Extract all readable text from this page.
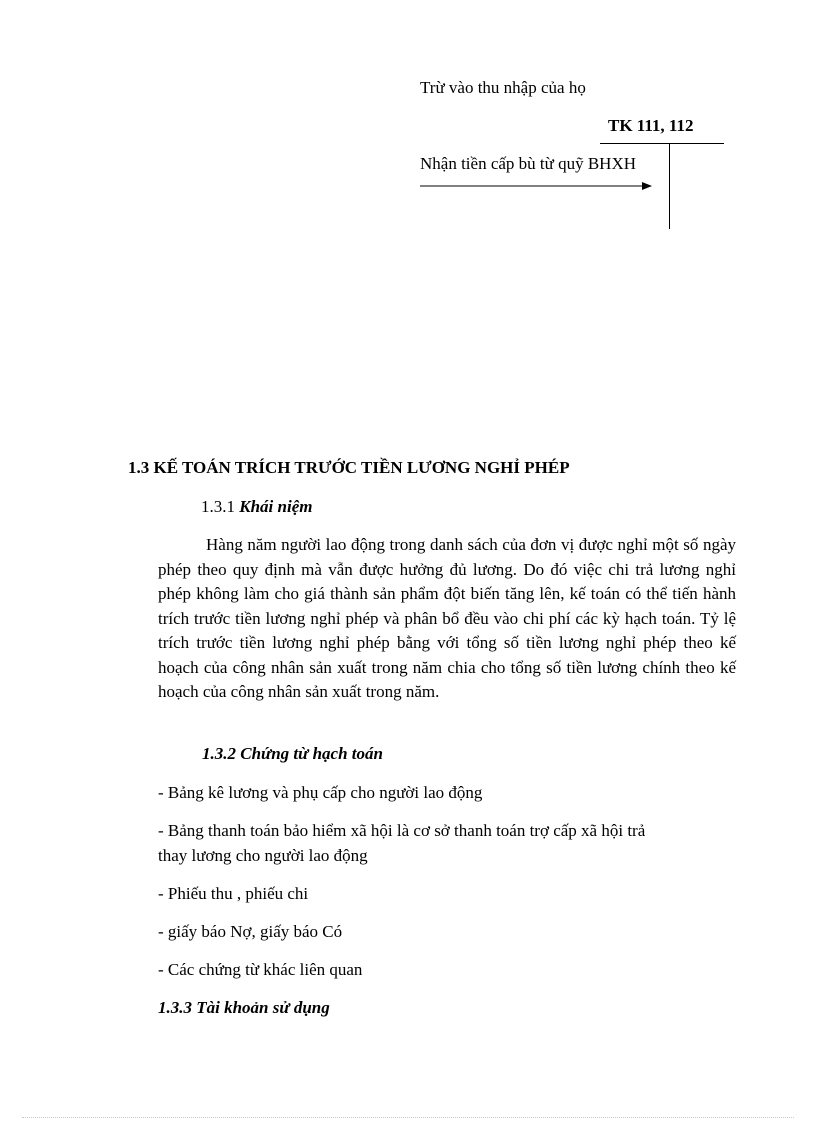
Trừ vào thu nhập của họ
TK 111, 112
Nhận tiền cấp bù từ quỹ BHXH
1.3 KẾ TOÁN TRÍCH TRƯỚC TIỀN LƯƠNG NGHỈ PHÉP
1.3.1 Khái niệm
Hàng năm người lao động trong danh sách của đơn vị được nghỉ một số ngày phép theo quy định mà vẫn được hưởng đủ lương. Do đó việc chi trả lương nghỉ phép không làm cho giá thành sản phẩm đột biến tăng lên, kế toán có thể tiến hành trích trước tiền lương nghỉ phép và phân bổ đều vào chi phí các kỳ hạch toán. Tỷ lệ trích trước tiền lương nghỉ phép bằng với tổng số tiền lương nghỉ phép theo kế hoạch của công nhân sản xuất trong năm chia cho tổng số tiền lương chính theo kế hoạch của công nhân sản xuất trong năm.
1.3.2 Chứng từ hạch toán
- Bảng kê lương và phụ cấp cho người lao động
- Bảng thanh toán bảo hiểm xã hội là cơ sở thanh toán trợ cấp xã hội trả
thay lương cho người lao động
- Phiếu thu , phiếu chi
- giấy báo Nợ, giấy báo Có
- Các chứng từ khác liên quan
1.3.3 Tài khoản sử dụng
